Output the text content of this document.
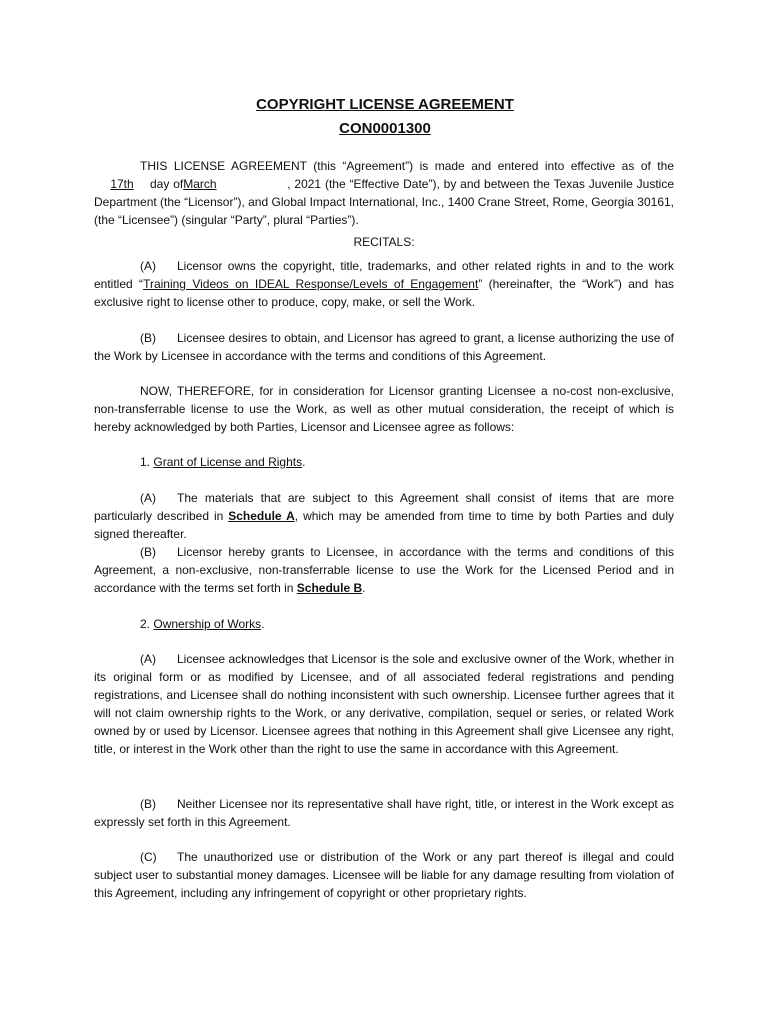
COPYRIGHT LICENSE AGREEMENT
CON0001300

THIS LICENSE AGREEMENT (this “Agreement”) is made and entered into effective as of the 17th day ofMarch	, 2021 (the “Effective Date”), by and between the Texas Juvenile Justice Department (the “Licensor”), and Global Impact International, Inc., 1400 Crane Street, Rome, Georgia 30161, (the “Licensee”) (singular “Party”, plural “Parties”).

RECITALS:

(A) Licensor owns the copyright, title, trademarks, and other related rights in and to the work entitled “Training Videos on IDEAL Response/Levels of Engagement” (hereinafter, the “Work”) and has exclusive right to license other to produce, copy, make, or sell the Work.

(B) Licensee desires to obtain, and Licensor has agreed to grant, a license authorizing the use of the Work by Licensee in accordance with the terms and conditions of this Agreement.

NOW, THEREFORE, for in consideration for Licensor granting Licensee a no-cost non-exclusive, non-transferrable license to use the Work, as well as other mutual consideration, the receipt of which is hereby acknowledged by both Parties, Licensor and Licensee agree as follows:

1. Grant of License and Rights.

(A) The materials that are subject to this Agreement shall consist of items that are more particularly described in Schedule A, which may be amended from time to time by both Parties and duly signed thereafter.

(B) Licensor hereby grants to Licensee, in accordance with the terms and conditions of this Agreement, a non-exclusive, non-transferrable license to use the Work for the Licensed Period and in accordance with the terms set forth in Schedule B.

2. Ownership of Works.

(A) Licensee acknowledges that Licensor is the sole and exclusive owner of the Work, whether in its original form or as modified by Licensee, and of all associated federal registrations and pending registrations, and Licensee shall do nothing inconsistent with such ownership. Licensee further agrees that it will not claim ownership rights to the Work, or any derivative, compilation, sequel or series, or related Work owned by or used by Licensor. Licensee agrees that nothing in this Agreement shall give Licensee any right, title, or interest in the Work other than the right to use the same in accordance with this Agreement.

(B) Neither Licensee nor its representative shall have right, title, or interest in the Work except as expressly set forth in this Agreement.

(C) The unauthorized use or distribution of the Work or any part thereof is illegal and could subject user to substantial money damages. Licensee will be liable for any damage resulting from violation of this Agreement, including any infringement of copyright or other proprietary rights.
